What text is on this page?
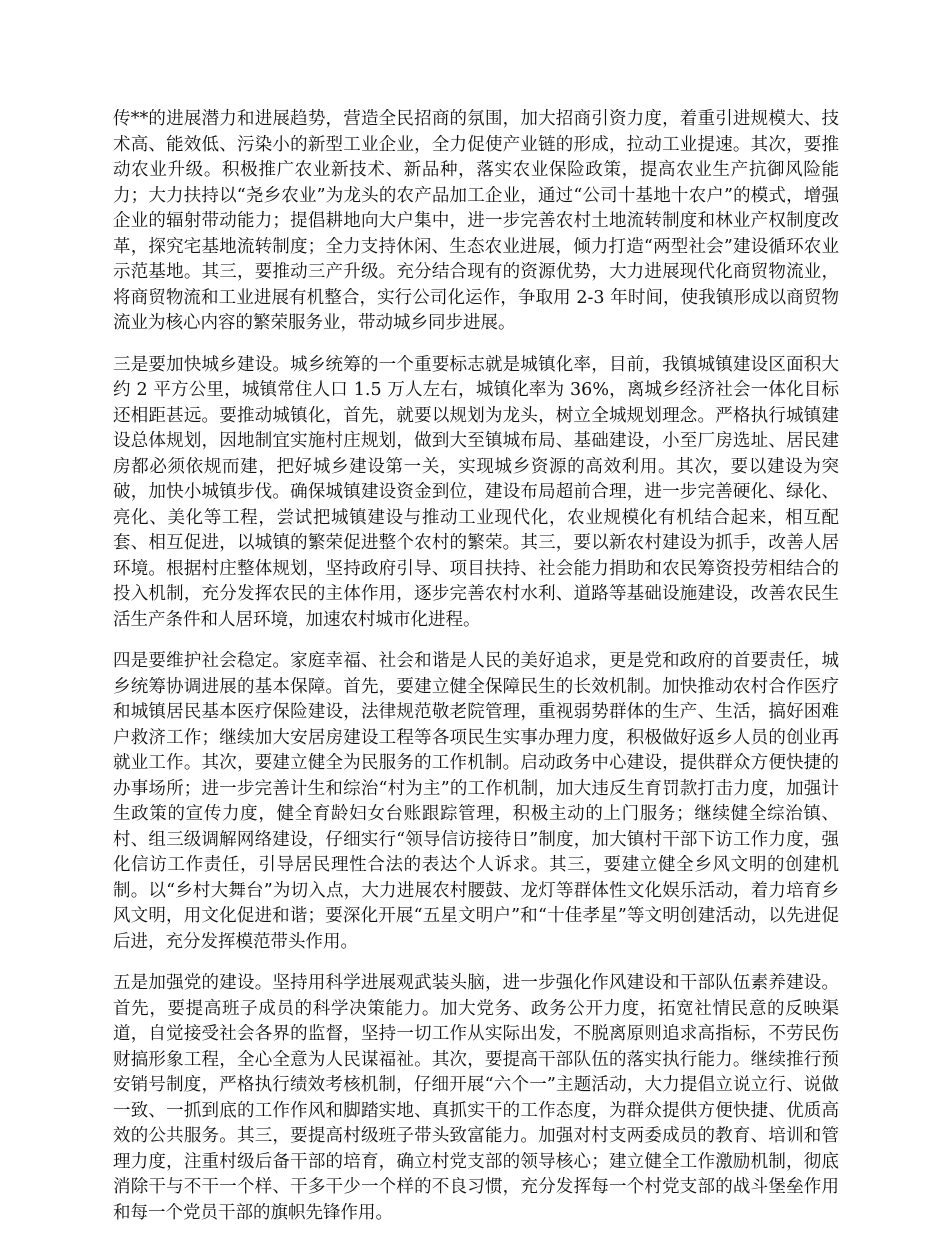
传**的进展潜力和进展趋势，营造全民招商的氛围，加大招商引资力度，着重引进规模大、技术高、能效低、污染小的新型工业企业，全力促使产业链的形成，拉动工业提速。其次，要推动农业升级。积极推广农业新技术、新品种，落实农业保险政策，提高农业生产抗御风险能力；大力扶持以“尧乡农业”为龙头的农产品加工企业，通过“公司十基地十农户”的模式，增强企业的辐射带动能力；提倡耕地向大户集中，进一步完善农村土地流转制度和林业产权制度改革，探究宅基地流转制度；全力支持休闲、生态农业进展，倾力打造“两型社会”建设循环农业示范基地。其三，要推动三产升级。充分结合现有的资源优势，大力进展现代化商贸物流业，将商贸物流和工业进展有机整合，实行公司化运作，争取用 2-3 年时间，使我镇形成以商贸物流业为核心内容的繁荣服务业，带动城乡同步进展。

三是要加快城乡建设。城乡统筹的一个重要标志就是城镇化率，目前，我镇城镇建设区面积大约 2 平方公里，城镇常住人口 1.5 万人左右，城镇化率为 36%，离城乡经济社会一体化目标还相距甚远。要推动城镇化，首先，就要以规划为龙头，树立全城规划理念。严格执行城镇建设总体规划，因地制宜实施村庄规划，做到大至镇城布局、基础建设，小至厂房选址、居民建房都必须依规而建，把好城乡建设第一关，实现城乡资源的高效利用。其次，要以建设为突破，加快小城镇步伐。确保城镇建设资金到位，建设布局超前合理，进一步完善硬化、绿化、亮化、美化等工程，尝试把城镇建设与推动工业现代化，农业规模化有机结合起来，相互配套、相互促进，以城镇的繁荣促进整个农村的繁荣。其三，要以新农村建设为抓手，改善人居环境。根据村庄整体规划，坚持政府引导、项目扶持、社会能力捐助和农民筹资投劳相结合的投入机制，充分发挥农民的主体作用，逐步完善农村水利、道路等基础设施建设，改善农民生活生产条件和人居环境，加速农村城市化进程。

四是要维护社会稳定。家庭幸福、社会和谐是人民的美好追求，更是党和政府的首要责任，城乡统筹协调进展的基本保障。首先，要建立健全保障民生的长效机制。加快推动农村合作医疗和城镇居民基本医疗保险建设，法律规范敬老院管理，重视弱势群体的生产、生活，搞好困难户救济工作；继续加大安居房建设工程等各项民生实事办理力度，积极做好返乡人员的创业再就业工作。其次，要建立健全为民服务的工作机制。启动政务中心建设，提供群众方便快捷的办事场所；进一步完善计生和综治“村为主”的工作机制，加大违反生育罚款打击力度，加强计生政策的宣传力度，健全育龄妇女台账跟踪管理，积极主动的上门服务；继续健全综治镇、村、组三级调解网络建设，仔细实行“领导信访接待日”制度，加大镇村干部下访工作力度，强化信访工作责任，引导居民理性合法的表达个人诉求。其三，要建立健全乡风文明的创建机制。以“乡村大舞台”为切入点，大力进展农村腰鼓、龙灯等群体性文化娱乐活动，着力培育乡风文明，用文化促进和谐；要深化开展“五星文明户”和“十佳孝星”等文明创建活动，以先进促后进，充分发挥模范带头作用。

五是加强党的建设。坚持用科学进展观武装头脑，进一步强化作风建设和干部队伍素养建设。首先，要提高班子成员的科学决策能力。加大党务、政务公开力度，拓宽社情民意的反映渠道，自觉接受社会各界的监督，坚持一切工作从实际出发，不脱离原则追求高指标，不劳民伤财搞形象工程，全心全意为人民谋福祉。其次，要提高干部队伍的落实执行能力。继续推行预安销号制度，严格执行绩效考核机制，仔细开展“六个一”主题活动，大力提倡立说立行、说做一致、一抓到底的工作作风和脚踏实地、真抓实干的工作态度，为群众提供方便快捷、优质高效的公共服务。其三，要提高村级班子带头致富能力。加强对村支两委成员的教育、培训和管理力度，注重村级后备干部的培育，确立村党支部的领导核心；建立健全工作激励机制，彻底消除干与不干一个样、干多干少一个样的不良习惯，充分发挥每一个村党支部的战斗堡垒作用和每一个党员干部的旗帜先锋作用。
